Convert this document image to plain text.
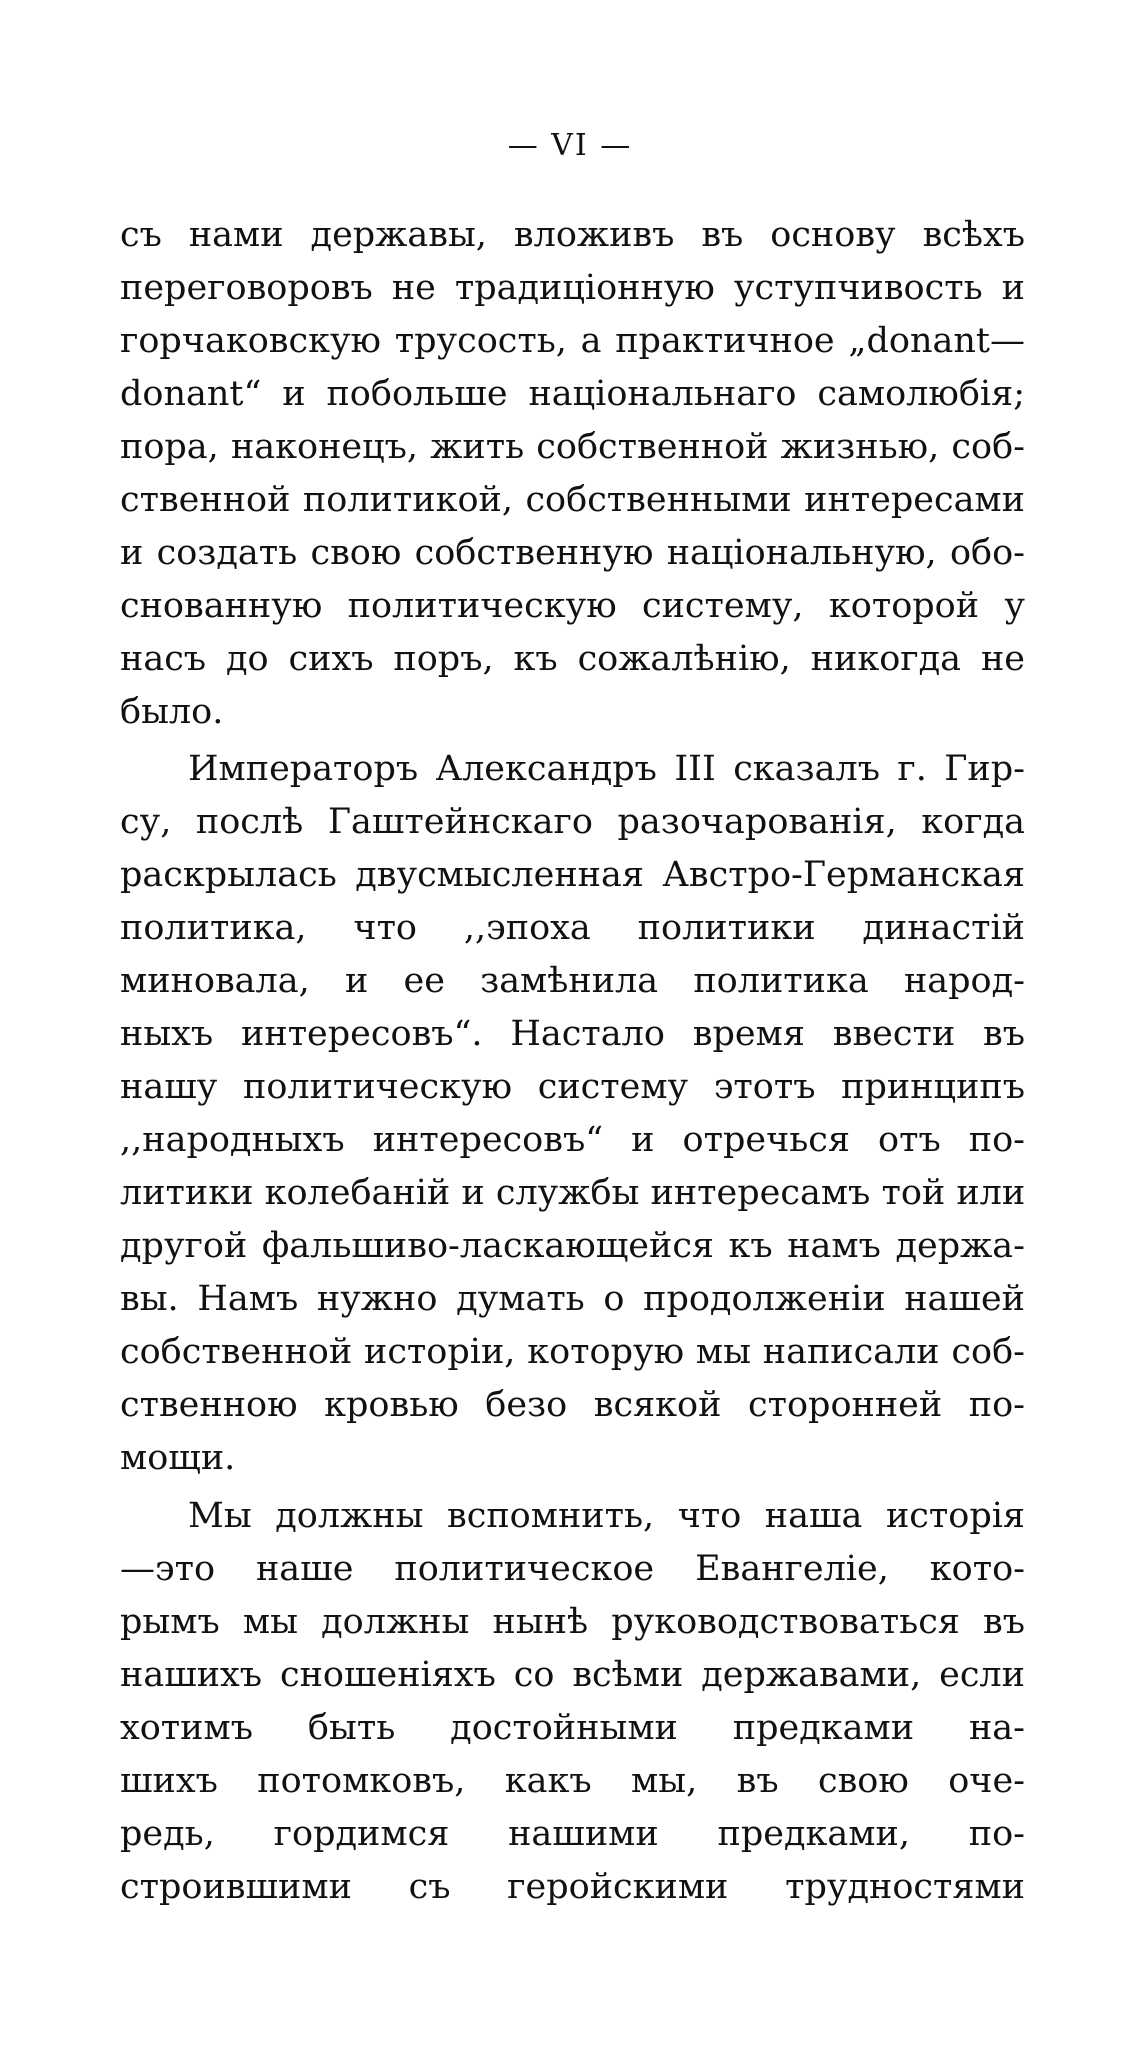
— VI —
съ нами державы, вложивъ въ основу всѣхъ
переговоровъ не традиціонную уступчивость и
горчаковскую трусость, а практичное „donant—
donant“ и побольше національнаго самолюбія;
пора, наконецъ, жить собственной жизнью, соб-
ственной политикой, собственными интересами
и создать свою собственную національную, обо-
снованную политическую систему, которой у
насъ до сихъ поръ, къ сожалѣнію, никогда не
было.
Императоръ Александръ III сказалъ г. Гир-
су, послѣ Гаштейнскаго разочарованія, когда
раскрылась двусмысленная Австро-Германская
политика, что ,,эпоха политики династій
миновала, и ее замѣнила политика народ-
ныхъ интересовъ“. Настало время ввести въ
нашу политическую систему этотъ принципъ
,,народныхъ интересовъ“ и отречься отъ по-
литики колебаній и службы интересамъ той или
другой фальшиво-ласкающейся къ намъ держа-
вы. Намъ нужно думать о продолженіи нашей
собственной исторіи, которую мы написали соб-
ственною кровью безо всякой сторонней по-
мощи.
Мы должны вспомнить, что наша исторія
—это наше политическое Евангеліе, кото-
рымъ мы должны нынѣ руководствоваться въ
нашихъ сношеніяхъ со всѣми державами, если
хотимъ быть достойными предками на-
шихъ потомковъ, какъ мы, въ свою оче-
редь, гордимся нашими предками, по-
строившими съ геройскими трудностями
